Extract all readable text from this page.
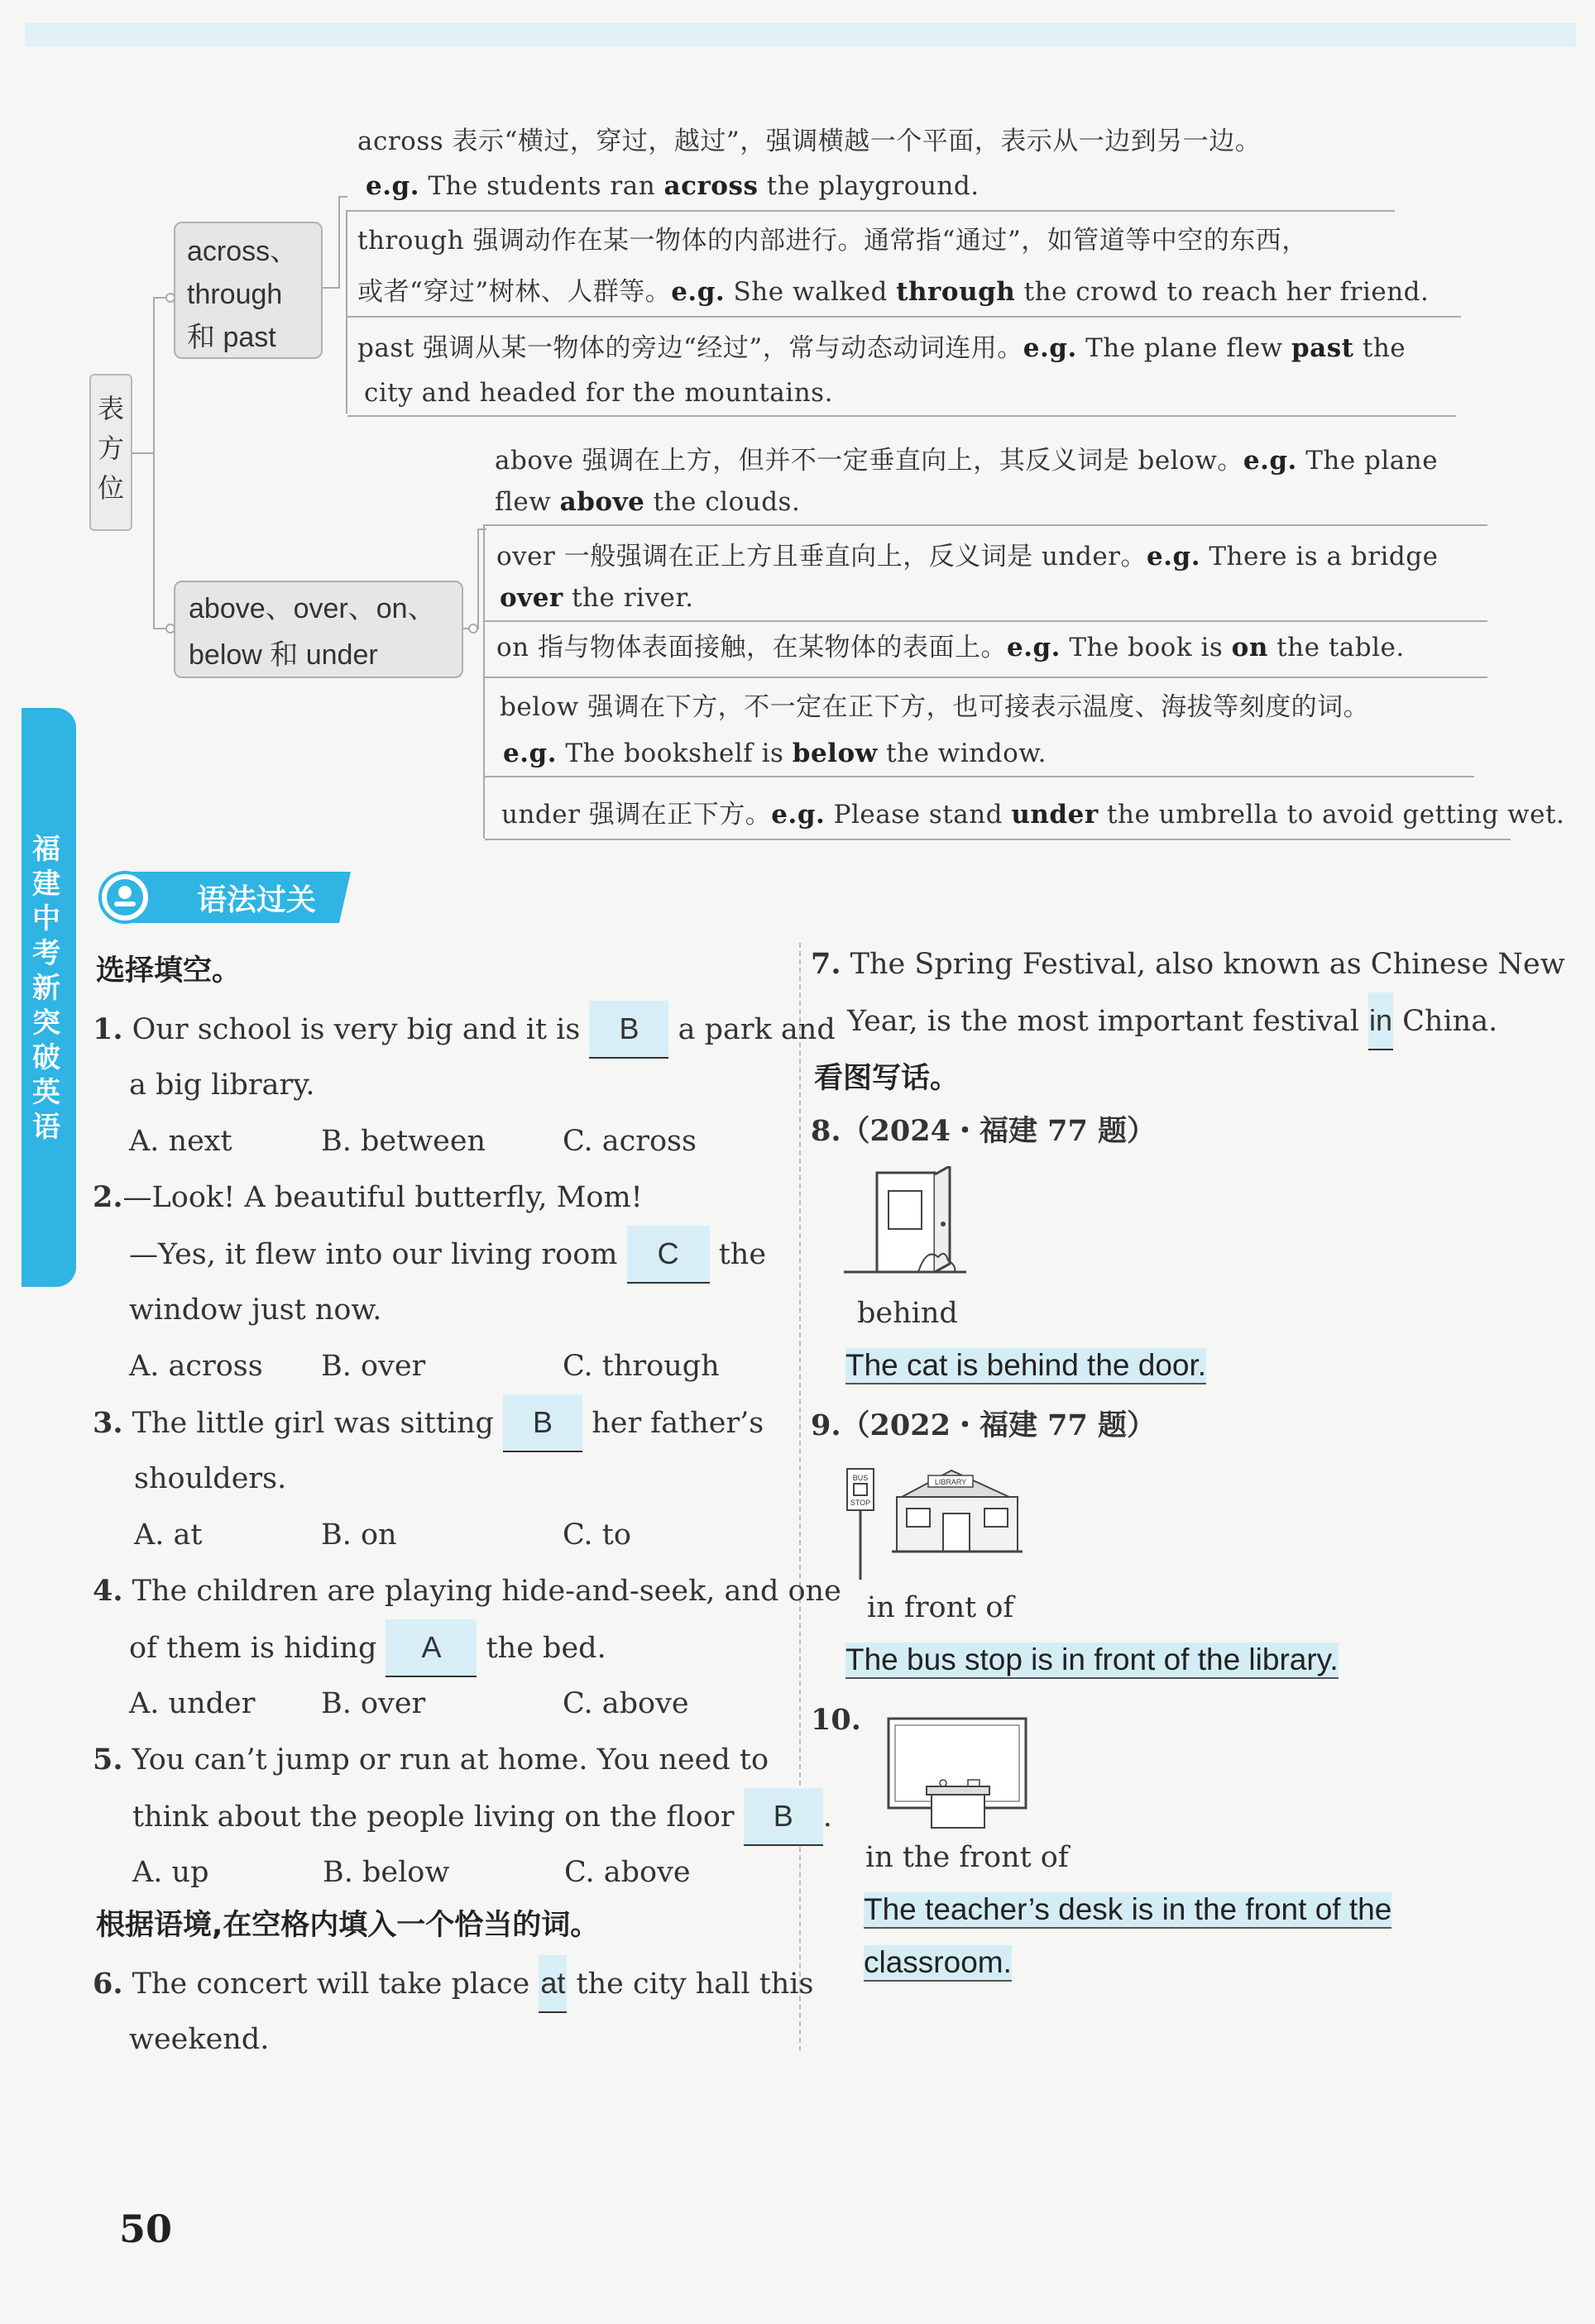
福建中考新突破 英语
表方位
across、
through
和 past
above、over、on、
below 和 under
across 表示“横过，穿过，越过”，强调横越一个平面，表示从一边到另一边。
e.g. The students ran across the playground.
through 强调动作在某一物体的内部进行。通常指“通过”，如管道等中空的东西，
或者“穿过”树林、人群等。e.g. She walked through the crowd to reach her friend.
past 强调从某一物体的旁边“经过”，常与动态动词连用。e.g. The plane flew past the
city and headed for the mountains.
above 强调在上方，但并不一定垂直向上，其反义词是 below。e.g. The plane
flew above the clouds.
over 一般强调在正上方且垂直向上，反义词是 under。e.g. There is a bridge
over the river.
on 指与物体表面接触，在某物体的表面上。e.g. The book is on the table.
below 强调在下方，不一定在正下方，也可接表示温度、海拔等刻度的词。
e.g. The bookshelf is below the window.
under 强调在正下方。e.g. Please stand under the umbrella to avoid getting wet.
语法过关
选择填空。
1. Our school is very big and it is B a park and
a big library.
A. next	B. between	C. across
2.—Look! A beautiful butterfly, Mom!
—Yes, it flew into our living room C the
window just now.
A. across B. over	C. through
3. The little girl was sitting B her father’s
shoulders.
A. at	B. on	C. to
4. The children are playing hide-and-seek, and one
of them is hiding A the bed.
A. under B. over	C. above
5. You can’t jump or run at home. You need to
think about the people living on the floor B .
A. up	B. below	C. above
根据语境,在空格内填入一个恰当的词。
6. The concert will take place at the city hall this
weekend.
7. The Spring Festival, also known as Chinese New
Year, is the most important festival in China.
看图写话。
8.（2024・福建 77 题）
behind
The cat is behind the door.
9.（2022・福建 77 题）
BUS
STOP
LIBRARY
in front of
The bus stop is in front of the library.
10.
in the front of
The teacher’s desk is in the front of the
classroom.
50
